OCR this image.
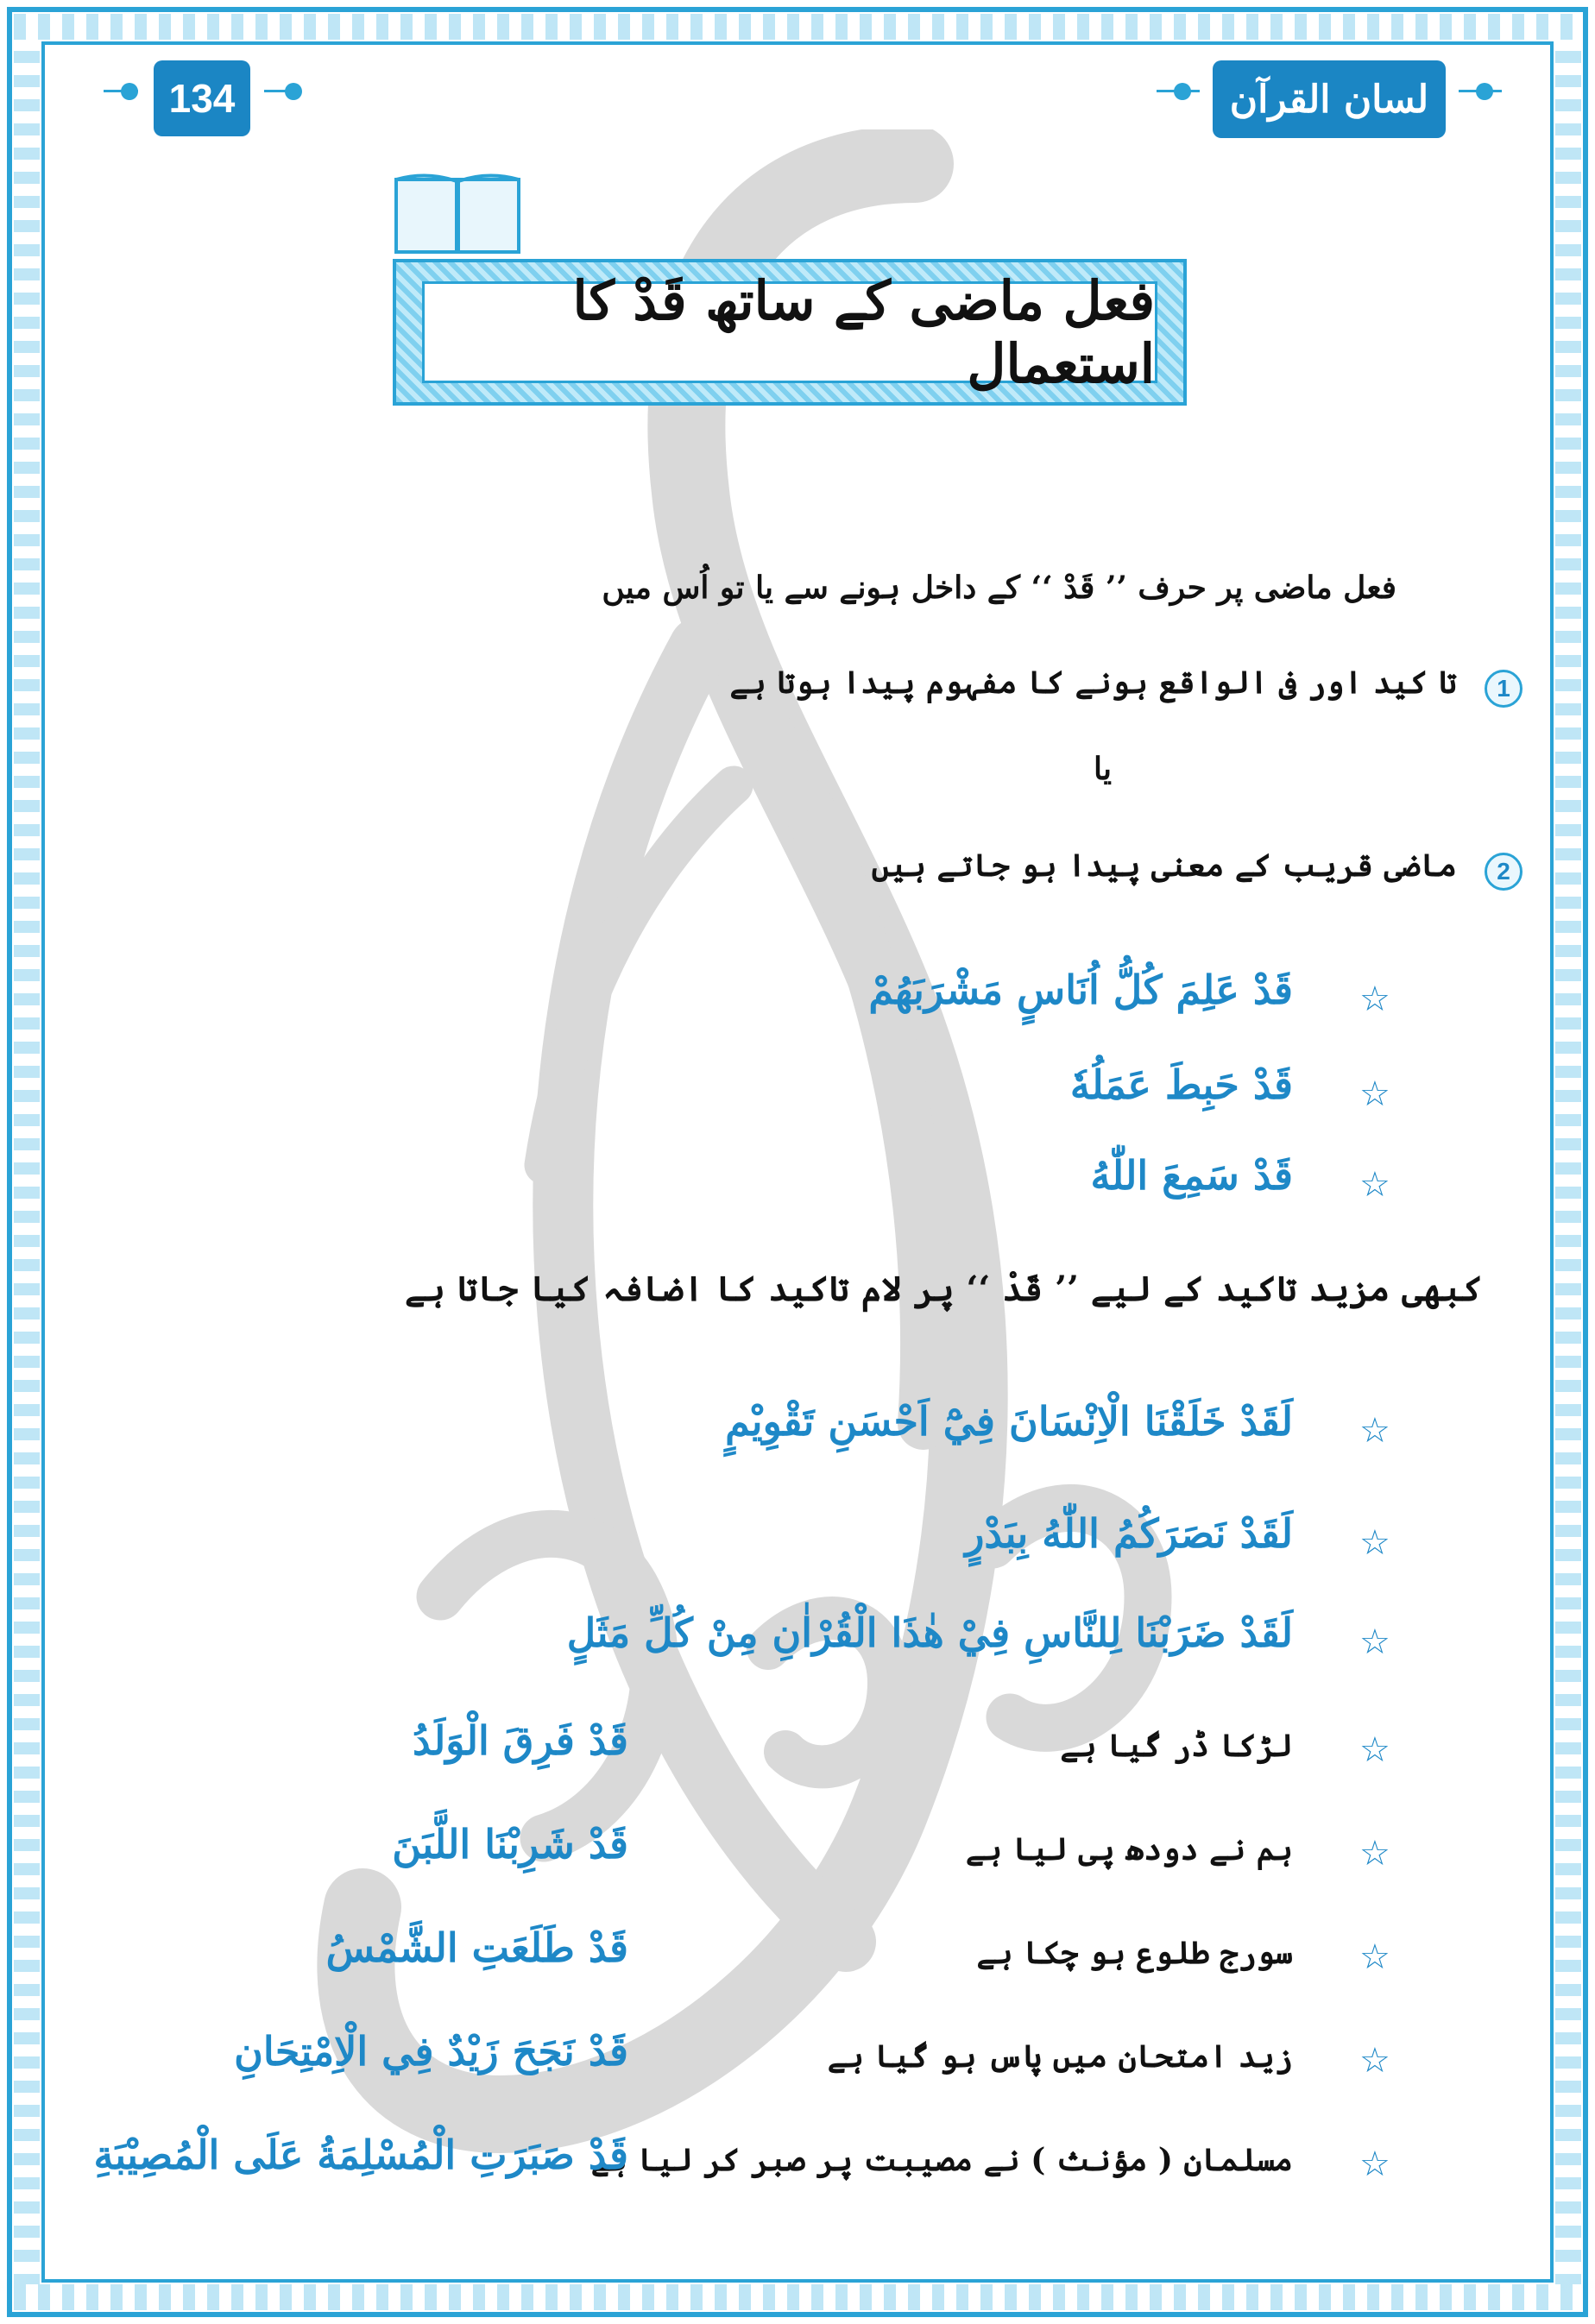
134	لسان القرآن
فعل ماضی کے ساتھ قَدْ کا استعمال
فعل ماضی پر حرف ’’ قَدْ ‘‘ کے داخل ہونے سے یا تو اُس میں
1
تا کید اور فی الواقع ہونے کا مفہوم پیدا ہوتا ہے
یا
2
ماضی قریب کے معنی پیدا ہو جاتے ہیں
☆
قَدْ عَلِمَ كُلُّ اُنَاسٍ مَشْرَبَهُمْ
☆
قَدْ حَبِطَ عَمَلُهٗ
☆
قَدْ سَمِعَ اللّٰهُ
کبھی مزید تاکید کے لیے ’’ قَدْ ‘‘ پر لام تاکید کا اضافہ کیا جاتا ہے
☆
لَقَدْ خَلَقْنَا الْاِنْسَانَ فِيْٓ اَحْسَنِ تَقْوِيْمٍ
☆
لَقَدْ نَصَرَكُمُ اللّٰهُ بِبَدْرٍ
☆
لَقَدْ ضَرَبْنَا لِلنَّاسِ فِيْ هٰذَا الْقُرْاٰنِ مِنْ كُلِّ مَثَلٍ
☆
لڑکا ڈر گیا ہے
قَدْ فَرِقَ الْوَلَدُ
☆
ہم نے دودھ پی لیا ہے
قَدْ شَرِبْنَا اللَّبَنَ
☆
سورج طلوع ہو چکا ہے
قَدْ طَلَعَتِ الشَّمْسُ
☆
زید امتحان میں پاس ہو گیا ہے
قَدْ نَجَحَ زَيْدٌ فِي الْاِمْتِحَانِ
☆
مسلمان ( مؤنث ) نے مصیبت پر صبر کر لیا ہے
قَدْ صَبَرَتِ الْمُسْلِمَةُ عَلَى الْمُصِيْبَةِ
